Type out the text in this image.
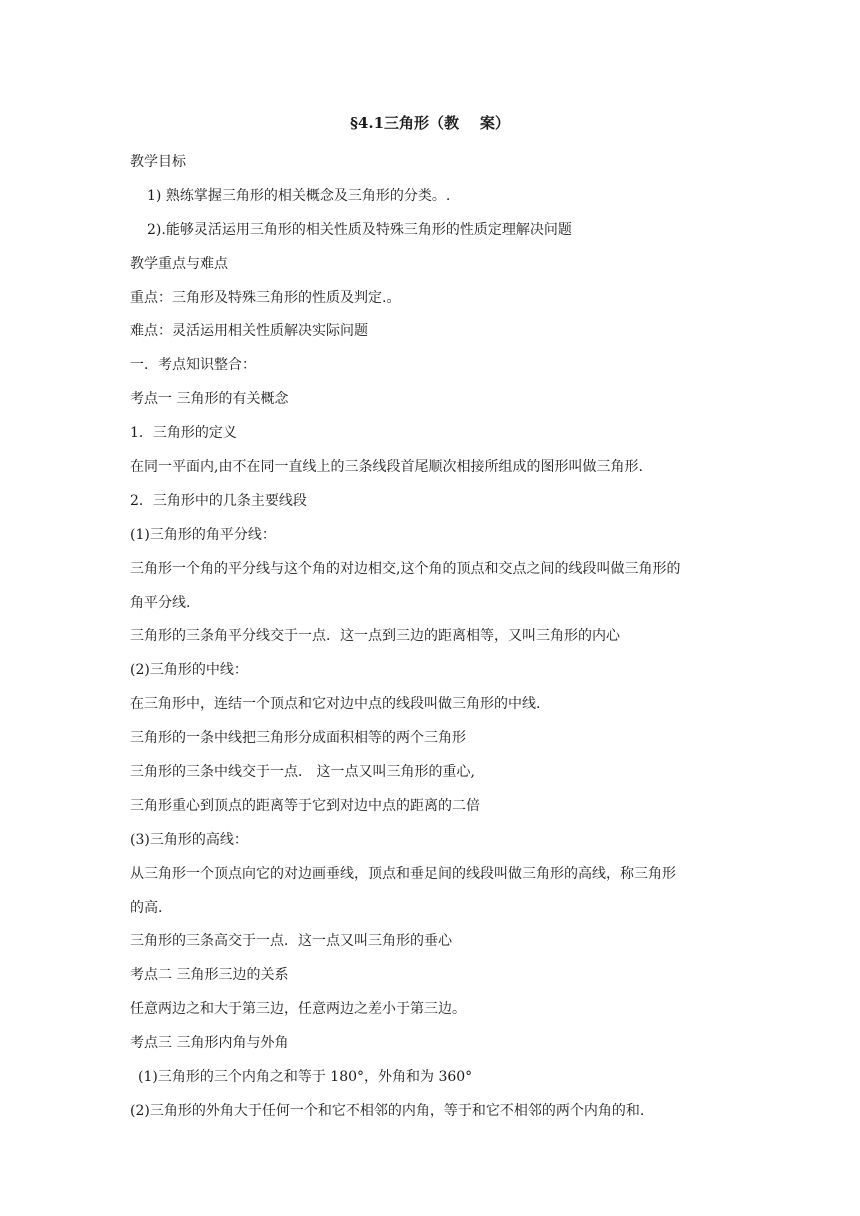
§4.1三角形（教    案）
教学目标
1) 熟练掌握三角形的相关概念及三角形的分类。.
2).能够灵活运用三角形的相关性质及特殊三角形的性质定理解决问题
教学重点与难点
重点：三角形及特殊三角形的性质及判定.。
难点：灵活运用相关性质解决实际问题
一．考点知识整合：
考点一 三角形的有关概念
1．三角形的定义
在同一平面内,由不在同一直线上的三条线段首尾顺次相接所组成的图形叫做三角形.
2．三角形中的几条主要线段
(1)三角形的角平分线：
三角形一个角的平分线与这个角的对边相交,这个角的顶点和交点之间的线段叫做三角形的
角平分线.
三角形的三条角平分线交于一点．这一点到三边的距离相等，又叫三角形的内心
(2)三角形的中线：
在三角形中，连结一个顶点和它对边中点的线段叫做三角形的中线.
三角形的一条中线把三角形分成面积相等的两个三角形
三角形的三条中线交于一点． 这一点又叫三角形的重心,
三角形重心到顶点的距离等于它到对边中点的距离的二倍
(3)三角形的高线：
从三角形一个顶点向它的对边画垂线，顶点和垂足间的线段叫做三角形的高线，称三角形
的高.
三角形的三条高交于一点．这一点又叫三角形的垂心
考点二 三角形三边的关系
任意两边之和大于第三边，任意两边之差小于第三边。
考点三 三角形内角与外角
(1)三角形的三个内角之和等于 180°，外角和为 360°
(2)三角形的外角大于任何一个和它不相邻的内角，等于和它不相邻的两个内角的和.
